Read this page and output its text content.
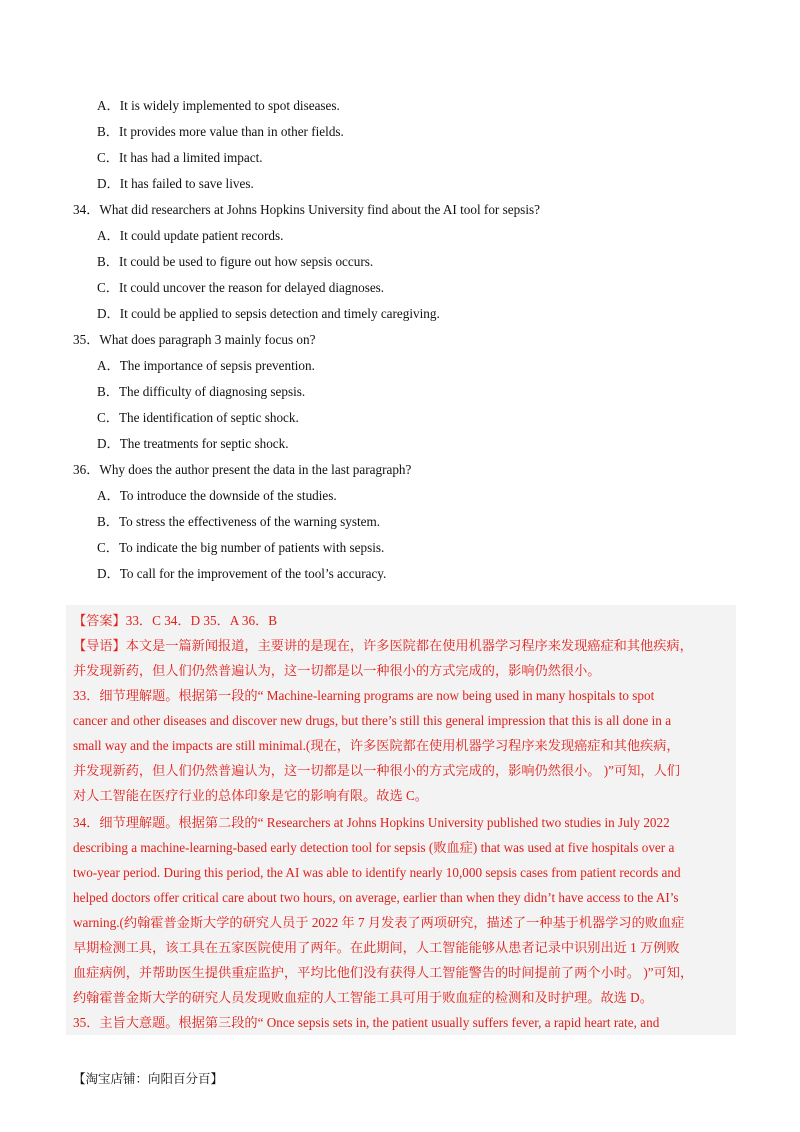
A．It is widely implemented to spot diseases.
B．It provides more value than in other fields.
C．It has had a limited impact.
D．It has failed to save lives.
34．What did researchers at Johns Hopkins University find about the AI tool for sepsis?
A．It could update patient records.
B．It could be used to figure out how sepsis occurs.
C．It could uncover the reason for delayed diagnoses.
D．It could be applied to sepsis detection and timely caregiving.
35．What does paragraph 3 mainly focus on?
A．The importance of sepsis prevention.
B．The difficulty of diagnosing sepsis.
C．The identification of septic shock.
D．The treatments for septic shock.
36．Why does the author present the data in the last paragraph?
A．To introduce the downside of the studies.
B．To stress the effectiveness of the warning system.
C．To indicate the big number of patients with sepsis.
D．To call for the improvement of the tool’s accuracy.
【答案】33．C 34．D 35．A 36．B
【导语】本文是一篇新闻报道，主要讲的是现在，许多医院都在使用机器学习程序来发现癌症和其他疾病，
并发现新药，但人们仍然普遍认为，这一切都是以一种很小的方式完成的，影响仍然很小。
33．细节理解题。根据第一段的“ Machine-learning programs are now being used in many hospitals to spot
cancer and other diseases and discover new drugs, but there’s still this general impression that this is all done in a
small way and the impacts are still minimal.(现在，许多医院都在使用机器学习程序来发现癌症和其他疾病，
并发现新药，但人们仍然普遍认为，这一切都是以一种很小的方式完成的，影响仍然很小。 )”可知，人们
对人工智能在医疗行业的总体印象是它的影响有限。故选 C。
34．细节理解题。根据第二段的“ Researchers at Johns Hopkins University published two studies in July 2022
describing a machine-learning-based early detection tool for sepsis (败血症) that was used at five hospitals over a
two-year period. During this period, the AI was able to identify nearly 10,000 sepsis cases from patient records and
helped doctors offer critical care about two hours, on average, earlier than when they didn’t have access to the AI’s
warning.(约翰霍普金斯大学的研究人员于 2022 年 7 月发表了两项研究，描述了一种基于机器学习的败血症
早期检测工具，该工具在五家医院使用了两年。在此期间，人工智能能够从患者记录中识别出近 1 万例败
血症病例，并帮助医生提供重症监护，平均比他们没有获得人工智能警告的时间提前了两个小时。 )”可知，
约翰霍普金斯大学的研究人员发现败血症的人工智能工具可用于败血症的检测和及时护理。故选 D。
35．主旨大意题。根据第三段的“ Once sepsis sets in, the patient usually suffers fever, a rapid heart rate, and
【淘宝店铺：向阳百分百】
